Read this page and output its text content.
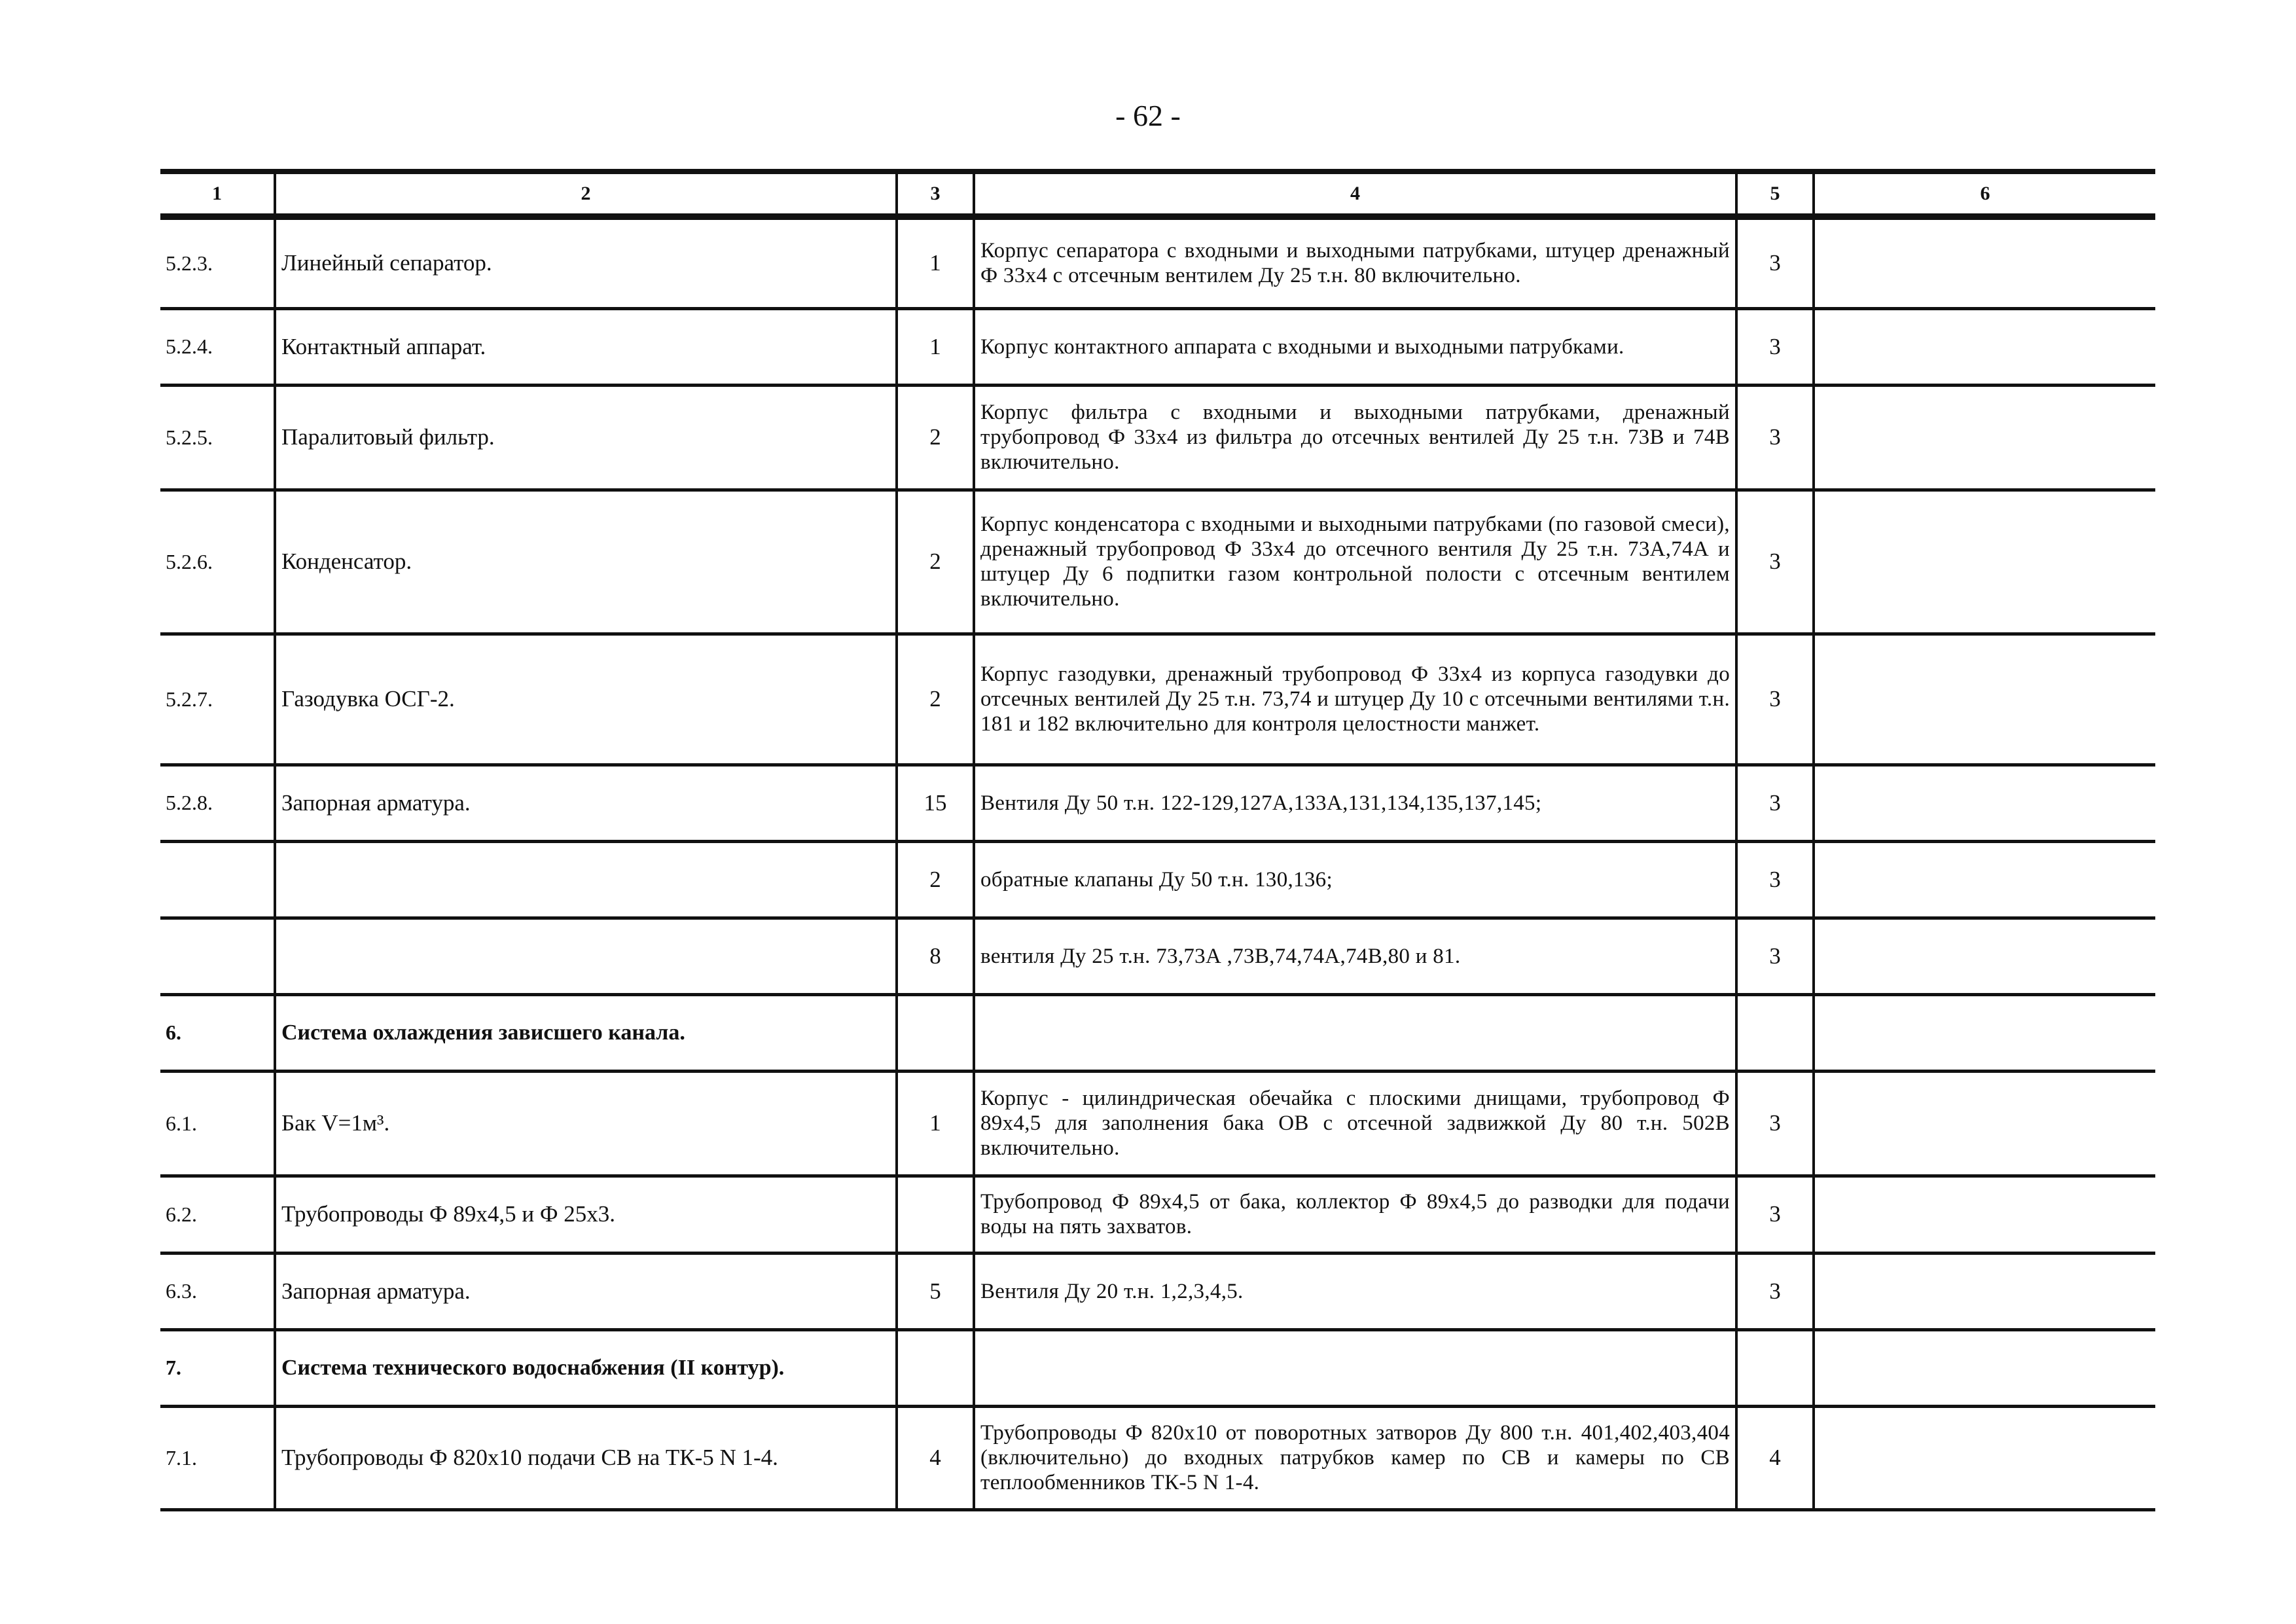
- 62 -
1	2	3	4	5	6
5.2.3.	Линейный сепаратор.	1	Корпус сепаратора с входными и выходными патрубками, штуцер дренажный Ф 33х4 с отсечным вентилем Ду 25 т.н. 80 включительно.	3	
5.2.4.	Контактный аппарат.	1	Корпус контактного аппарата с входными и выходными патрубками.	3	
5.2.5.	Паралитовый фильтр.	2	Корпус фильтра с входными и выходными патрубками, дренажный трубопровод Ф 33х4 из фильтра до отсечных вентилей Ду 25 т.н. 73В и 74В включительно.	3	
5.2.6.	Конденсатор.	2	Корпус конденсатора с входными и выходными патрубками (по газовой смеси), дренажный трубопровод Ф 33х4 до отсечного вентиля Ду 25 т.н. 73А,74А и штуцер Ду 6 подпитки газом контрольной полости с отсечным вентилем включительно.	3	
5.2.7.	Газодувка ОСГ-2.	2	Корпус газодувки, дренажный трубопровод Ф 33х4 из корпуса газодувки до отсечных вентилей Ду 25 т.н. 73,74 и штуцер Ду 10 с отсечными вентилями т.н. 181 и 182 включительно для контроля целостности манжет.	3	
5.2.8.	Запорная арматура.	15	Вентиля Ду 50 т.н. 122-129,127А,133А,131,134,135,137,145;	3	
		2	обратные клапаны Ду 50 т.н. 130,136;	3	
		8	вентиля Ду 25 т.н. 73,73А ,73В,74,74А,74В,80 и 81.	3	
6.	Система охлаждения зависшего канала.				
6.1.	Бак V=1м³.	1	Корпус - цилиндрическая обечайка с плоскими днищами, трубопровод Ф 89х4,5 для заполнения бака ОВ с отсечной задвижкой Ду 80 т.н. 502В включительно.	3	
6.2.	Трубопроводы Ф 89х4,5 и Ф 25х3.		Трубопровод Ф 89х4,5 от бака, коллектор Ф 89х4,5 до разводки для подачи воды на пять захватов.	3	
6.3.	Запорная арматура.	5	Вентиля Ду 20 т.н. 1,2,3,4,5.	3	
7.	Система технического водоснабжения (II контур).				
7.1.	Трубопроводы Ф 820х10 подачи СВ на ТК-5 N 1-4.	4	Трубопроводы Ф 820х10 от поворотных затворов Ду 800 т.н. 401,402,403,404 (включительно) до входных патрубков камер по СВ и камеры по СВ теплообменников ТК-5 N 1-4.	4	
